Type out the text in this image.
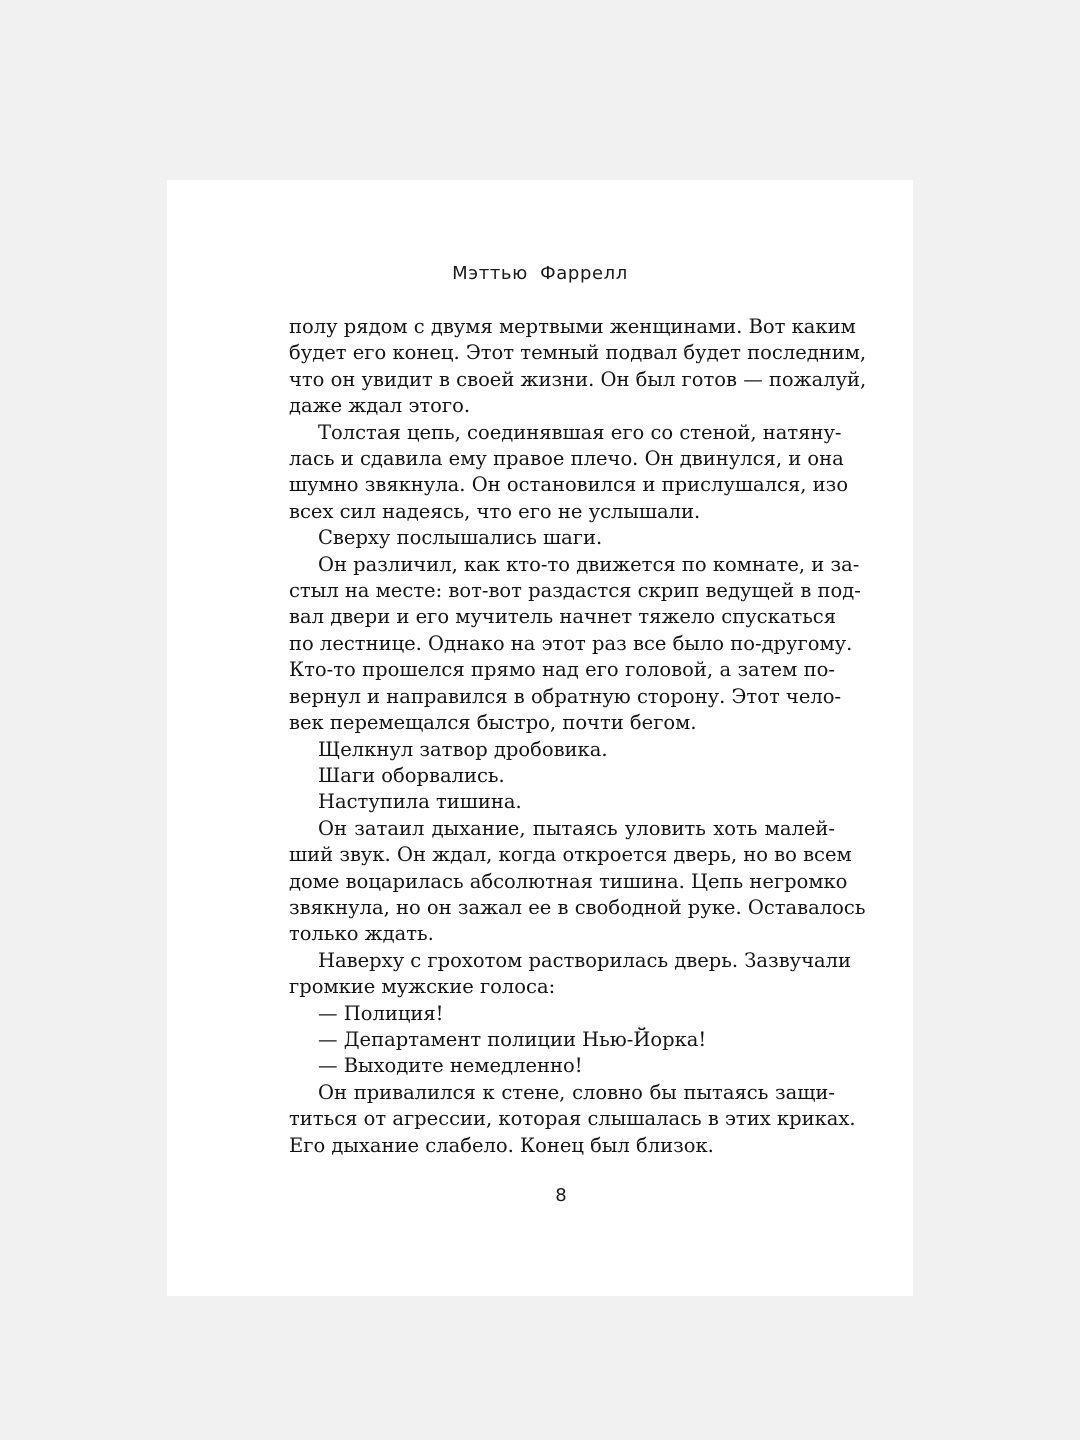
Мэттью Фаррелл
полу рядом с двумя мертвыми женщинами. Вот каким
будет его конец. Этот темный подвал будет последним,
что он увидит в своей жизни. Он был готов — пожалуй,
даже ждал этого.
Толстая цепь, соединявшая его со стеной, натяну-
лась и сдавила ему правое плечо. Он двинулся, и она
шумно звякнула. Он остановился и прислушался, изо
всех сил надеясь, что его не услышали.
Сверху послышались шаги.
Он различил, как кто-то движется по комнате, и за-
стыл на месте: вот-вот раздастся скрип ведущей в под-
вал двери и его мучитель начнет тяжело спускаться
по лестнице. Однако на этот раз все было по-другому.
Кто-то прошелся прямо над его головой, а затем по-
вернул и направился в обратную сторону. Этот чело-
век перемещался быстро, почти бегом.
Щелкнул затвор дробовика.
Шаги оборвались.
Наступила тишина.
Он затаил дыхание, пытаясь уловить хоть малей-
ший звук. Он ждал, когда откроется дверь, но во всем
доме воцарилась абсолютная тишина. Цепь негромко
звякнула, но он зажал ее в свободной руке. Оставалось
только ждать.
Наверху с грохотом растворилась дверь. Зазвучали
громкие мужские голоса:
— Полиция!
— Департамент полиции Нью-Йорка!
— Выходите немедленно!
Он привалился к стене, словно бы пытаясь защи-
титься от агрессии, которая слышалась в этих криках.
Его дыхание слабело. Конец был близок.
8
